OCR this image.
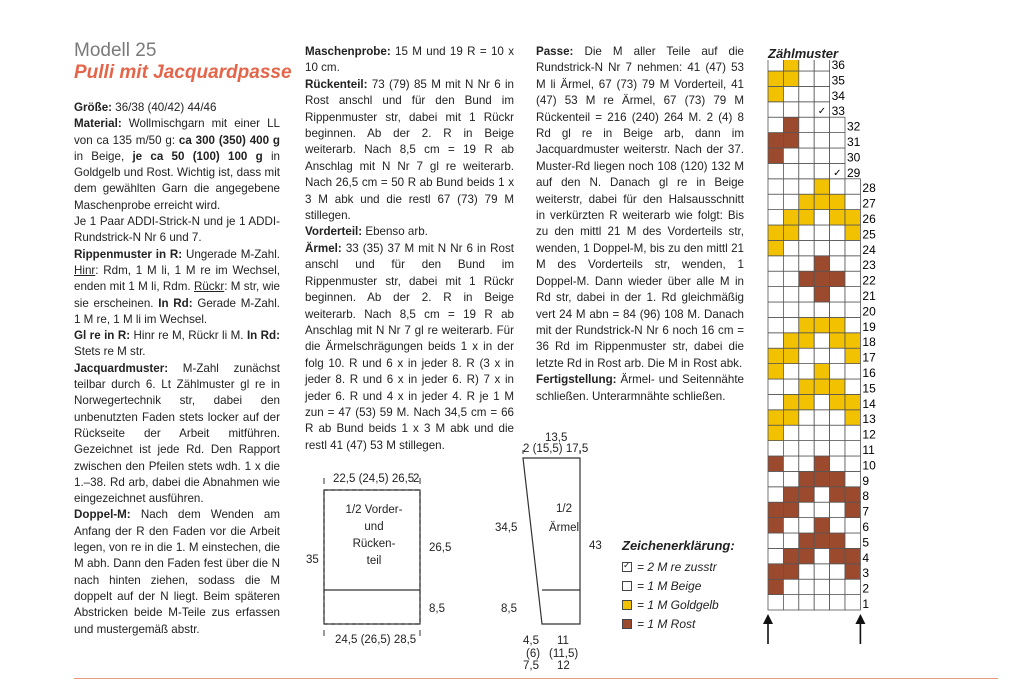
Modell 25
Pulli mit Jacquardpasse

Größe: 36/38 (40/42) 44/46

Material: Wollmischgarn mit einer LL von ca 135 m/50 g: ca 300 (350) 400 g in Beige, je ca 50 (100) 100 g in Goldgelb und Rost. Wichtig ist, dass mit dem gewählten Garn die angegebene Maschenprobe erreicht wird.

Je 1 Paar ADDI-Strick-N und je 1 ADDI-Rundstrick-N Nr 6 und 7.

Rippenmuster in R: Ungerade M-Zahl. Hinr: Rdm, 1 M li, 1 M re im Wechsel, enden mit 1 M li, Rdm. Rückr: M str, wie sie erscheinen. In Rd: Gerade M-Zahl. 1 M re, 1 M li im Wechsel.

Gl re in R: Hinr re M, Rückr li M. In Rd: Stets re M str.

Jacquardmuster: M-Zahl zunächst teilbar durch 6. Lt Zählmuster gl re in Norwegertechnik str, dabei den unbenutzten Faden stets locker auf der Rückseite der Arbeit mitführen. Gezeichnet ist jede Rd. Den Rapport zwischen den Pfeilen stets wdh. 1 x die 1.–38. Rd arb, dabei die Abnahmen wie eingezeichnet ausführen.

Doppel-M: Nach dem Wenden am Anfang der R den Faden vor die Arbeit legen, von re in die 1. M einstechen, die M abh. Dann den Faden fest über die N nach hinten ziehen, sodass die M doppelt auf der N liegt. Beim späteren Abstricken beide M-Teile zus erfassen und mustergemäß abstr.

Maschenprobe: 15 M und 19 R = 10 x 10 cm.

Rückenteil: 73 (79) 85 M mit N Nr 6 in Rost anschl und für den Bund im Rippenmuster str, dabei mit 1 Rückr beginnen. Ab der 2. R in Beige weiterarb. Nach 8,5 cm = 19 R ab Anschlag mit N Nr 7 gl re weiterarb. Nach 26,5 cm = 50 R ab Bund beids 1 x 3 M abk und die restl 67 (73) 79 M stillegen.

Vorderteil: Ebenso arb.

Ärmel: 33 (35) 37 M mit N Nr 6 in Rost anschl und für den Bund im Rippenmuster str, dabei mit 1 Rückr beginnen. Ab der 2. R in Beige weiterarb. Nach 8,5 cm = 19 R ab Anschlag mit N Nr 7 gl re weiterarb. Für die Ärmelschrägungen beids 1 x in der folg 10. R und 6 x in jeder 8. R (3 x in jeder 8. R und 6 x in jeder 6. R) 7 x in jeder 6. R und 4 x in jeder 4. R je 1 M zun = 47 (53) 59 M. Nach 34,5 cm = 66 R ab Bund beids 1 x 3 M abk und die restl 41 (47) 53 M stillegen.

Passe: Die M aller Teile auf die Rundstrick-N Nr 7 nehmen: 41 (47) 53 M li Ärmel, 67 (73) 79 M Vorderteil, 41 (47) 53 M re Ärmel, 67 (73) 79 M Rückenteil = 216 (240) 264 M. 2 (4) 8 Rd gl re in Beige arb, dann im Jacquardmuster weiterstr. Nach der 37. Muster-Rd liegen noch 108 (120) 132 M auf den N. Danach gl re in Beige weiterstr, dabei für den Halsausschnitt in verkürzten R weiterarb wie folgt: Bis zu den mittl 21 M des Vorderteils str, wenden, 1 Doppel-M, bis zu den mittl 21 M des Vorderteils str, wenden, 1 Doppel-M. Dann wieder über alle M in Rd str, dabei in der 1. Rd gleichmäßig vert 24 M abn = 84 (96) 108 M. Danach mit der Rundstrick-N Nr 6 noch 16 cm = 36 Rd im Rippenmuster str, dabei die letzte Rd in Rost arb. Die M in Rost abk.

Fertigstellung: Ärmel- und Seitennähte schließen. Unterarmnähte schließen.

22,5 (24,5) 26,5
2
1/2 Vorder- und Rücken- teil
35
26,5
8,5
24,5 (26,5) 28,5
13,5
2 (15,5) 17,5
1/2 Ärmel
34,5
8,5
43
4,5
(6)
7,5
11
(11,5)
12
Zeichenerklärung:
✓
= 2 M re zusstr
= 1 M Beige
= 1 M Goldgelb
= 1 M Rost
Zählmuster
1
2
3
4
5
6
7
8
9
10
11
12
13
14
15
16
17
18
19
20
21
22
23
24
25
26
27
28
✓ 29
30
31
32
✓ 33
34
35
36
